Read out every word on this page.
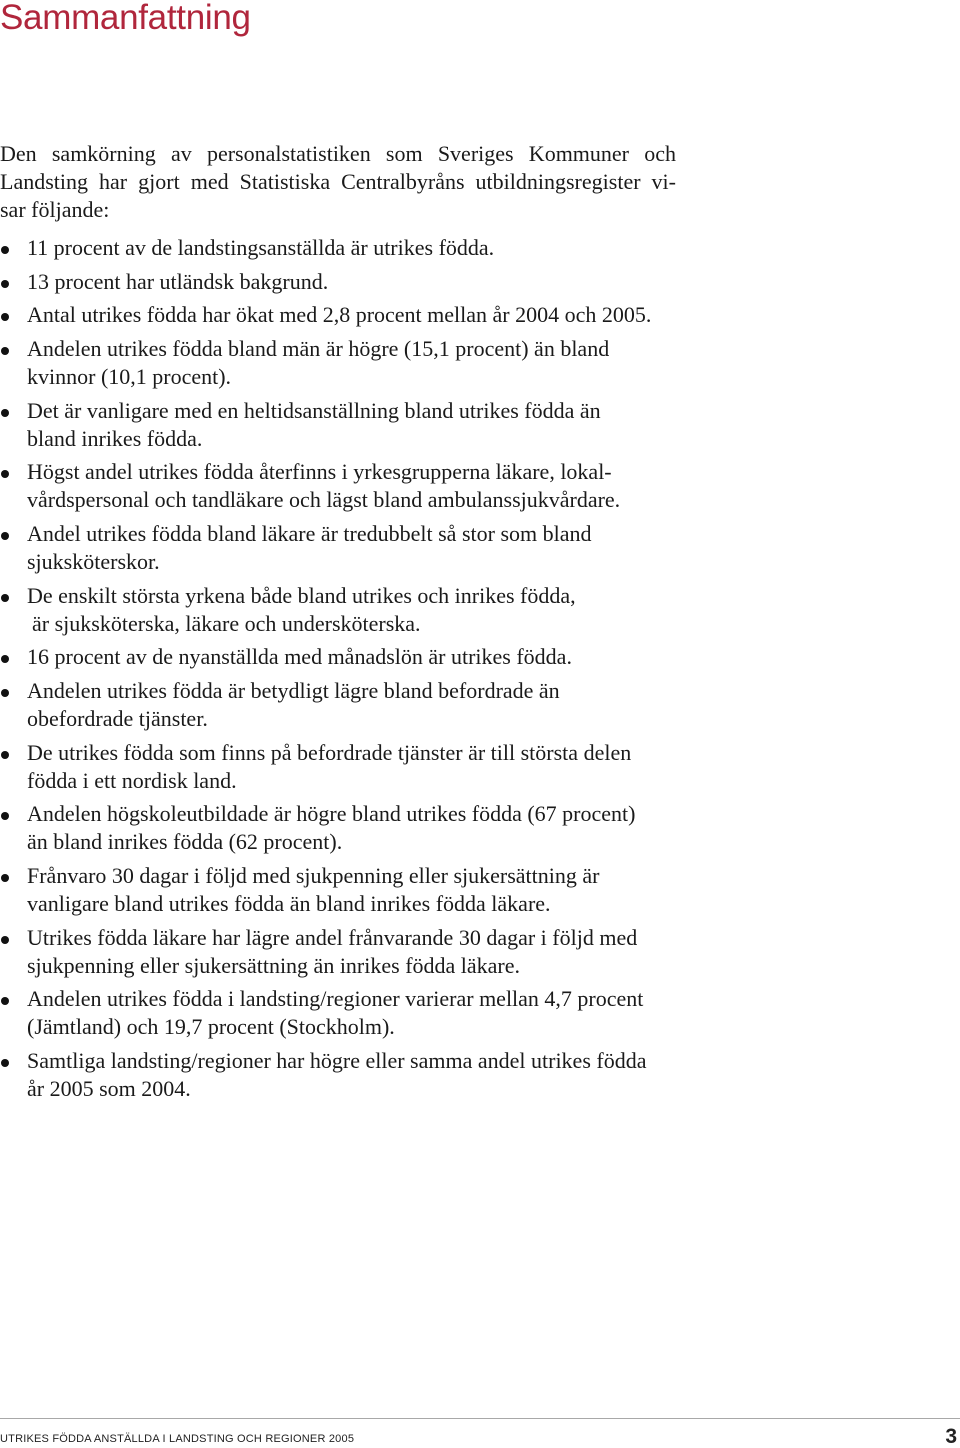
Sammanfattning
Den samkörning av personalstatistiken som Sveriges Kommuner och
Landsting har gjort med Statistiska Centralbyråns utbildningsregister vi-
sar följande:
11 procent av de landstingsanställda är utrikes födda.
13 procent har utländsk bakgrund.
Antal utrikes födda har ökat med 2,8 procent mellan år 2004 och 2005.
Andelen utrikes födda bland män är högre (15,1 procent) än bland
kvinnor (10,1 procent).
Det är vanligare med en heltidsanställning bland utrikes födda än
bland inrikes födda.
Högst andel utrikes födda återfinns i yrkesgrupperna läkare, lokal-
vårdspersonal och tandläkare och lägst bland ambulanssjukvårdare.
Andel utrikes födda bland läkare är tredubbelt så stor som bland
sjuksköterskor.
De enskilt största yrkena både bland utrikes och inrikes födda,
är sjuksköterska, läkare och undersköterska.
16 procent av de nyanställda med månadslön är utrikes födda.
Andelen utrikes födda är betydligt lägre bland befordrade än
obefordrade tjänster.
De utrikes födda som finns på befordrade tjänster är till största delen
födda i ett nordisk land.
Andelen högskoleutbildade är högre bland utrikes födda (67 procent)
än bland inrikes födda (62 procent).
Frånvaro 30 dagar i följd med sjukpenning eller sjukersättning är
vanligare bland utrikes födda än bland inrikes födda läkare.
Utrikes födda läkare har lägre andel frånvarande 30 dagar i följd med
sjukpenning eller sjukersättning än inrikes födda läkare.
Andelen utrikes födda i landsting/regioner varierar mellan 4,7 procent
(Jämtland) och 19,7 procent (Stockholm).
Samtliga landsting/regioner har högre eller samma andel utrikes födda
år 2005 som 2004.
UTRIKES FÖDDA ANSTÄLLDA I LANDSTING OCH REGIONER 2005	3
